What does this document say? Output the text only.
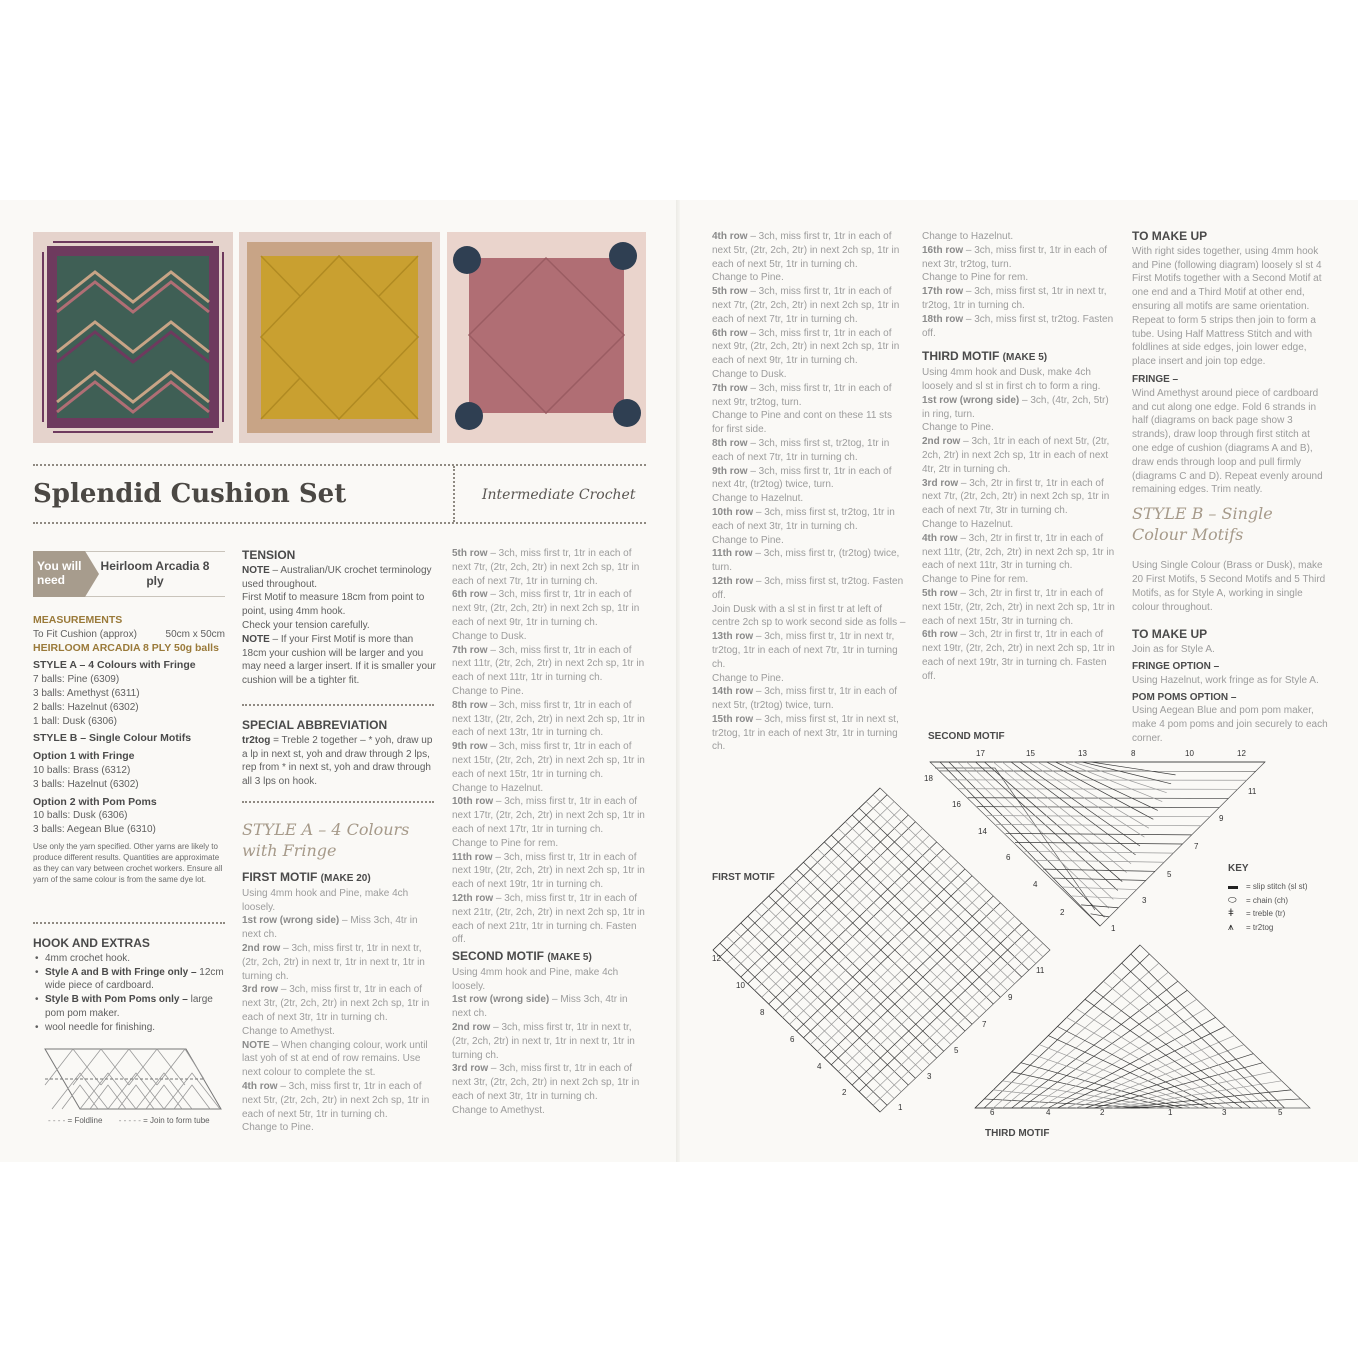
Splendid Cushion Set	Intermediate Crochet
You will need
Heirloom Arcadia 8 ply
MEASUREMENTS
To Fit Cushion (approx)	50cm x 50cm
HEIRLOOM ARCADIA 8 PLY 50g balls
STYLE A – 4 Colours with Fringe
7 balls: Pine (6309)
3 balls: Amethyst (6311)
2 balls: Hazelnut (6302)
1 ball: Dusk (6306)
STYLE B – Single Colour Motifs
Option 1 with Fringe
10 balls: Brass (6312)
3 balls: Hazelnut (6302)
Option 2 with Pom Poms
10 balls: Dusk (6306)
3 balls: Aegean Blue (6310)
Use only the yarn specified. Other yarns are likely to produce different results. Quantities are approximate as they can vary between crochet workers. Ensure all yarn of the same colour is from the same dye lot.
HOOK AND EXTRAS
• 4mm crochet hook.
• Style A and B with Fringe only – 12cm wide piece of cardboard.
• Style B with Pom Poms only – large pom pom maker.
• wool needle for finishing.
- - - - = Foldline - - - - - = Join to form tube
TENSION
NOTE – Australian/UK crochet terminology used throughout.
First Motif to measure 18cm from point to point, using 4mm hook.
Check your tension carefully.
NOTE – If your First Motif is more than 18cm your cushion will be larger and you may need a larger insert. If it is smaller your cushion will be a tighter fit.
SPECIAL ABBREVIATION
tr2tog = Treble 2 together – * yoh, draw up a lp in next st, yoh and draw through 2 lps, rep from * in next st, yoh and draw through all 3 lps on hook.
STYLE A – 4 Colours with Fringe
FIRST MOTIF (MAKE 20)
Using 4mm hook and Pine, make 4ch loosely.
1st row (wrong side) – Miss 3ch, 4tr in next ch.
2nd row – 3ch, miss first tr, 1tr in next tr, (2tr, 2ch, 2tr) in next tr, 1tr in next tr, 1tr in turning ch.
3rd row – 3ch, miss first tr, 1tr in each of next 3tr, (2tr, 2ch, 2tr) in next 2ch sp, 1tr in each of next 3tr, 1tr in turning ch.
Change to Amethyst.
NOTE – When changing colour, work until last yoh of st at end of row remains. Use next colour to complete the st.
4th row – 3ch, miss first tr, 1tr in each of next 5tr, (2tr, 2ch, 2tr) in next 2ch sp, 1tr in each of next 5tr, 1tr in turning ch.
Change to Pine.
5th row – 3ch, miss first tr, 1tr in each of next 7tr, (2tr, 2ch, 2tr) in next 2ch sp, 1tr in each of next 7tr, 1tr in turning ch.
6th row – 3ch, miss first tr, 1tr in each of next 9tr, (2tr, 2ch, 2tr) in next 2ch sp, 1tr in each of next 9tr, 1tr in turning ch.
Change to Dusk.
7th row – 3ch, miss first tr, 1tr in each of next 11tr, (2tr, 2ch, 2tr) in next 2ch sp, 1tr in each of next 11tr, 1tr in turning ch.
Change to Pine.
8th row – 3ch, miss first tr, 1tr in each of next 13tr, (2tr, 2ch, 2tr) in next 2ch sp, 1tr in each of next 13tr, 1tr in turning ch.
9th row – 3ch, miss first tr, 1tr in each of next 15tr, (2tr, 2ch, 2tr) in next 2ch sp, 1tr in each of next 15tr, 1tr in turning ch.
Change to Hazelnut.
10th row – 3ch, miss first tr, 1tr in each of next 17tr, (2tr, 2ch, 2tr) in next 2ch sp, 1tr in each of next 17tr, 1tr in turning ch.
Change to Pine for rem.
11th row – 3ch, miss first tr, 1tr in each of next 19tr, (2tr, 2ch, 2tr) in next 2ch sp, 1tr in each of next 19tr, 1tr in turning ch.
12th row – 3ch, miss first tr, 1tr in each of next 21tr, (2tr, 2ch, 2tr) in next 2ch sp, 1tr in each of next 21tr, 1tr in turning ch. Fasten off.
SECOND MOTIF (MAKE 5)
Using 4mm hook and Pine, make 4ch loosely.
1st row (wrong side) – Miss 3ch, 4tr in next ch.
2nd row – 3ch, miss first tr, 1tr in next tr, (2tr, 2ch, 2tr) in next tr, 1tr in next tr, 1tr in turning ch.
3rd row – 3ch, miss first tr, 1tr in each of next 3tr, (2tr, 2ch, 2tr) in next 2ch sp, 1tr in each of next 3tr, 1tr in turning ch.
Change to Amethyst.
4th row – 3ch, miss first tr, 1tr in each of next 5tr, (2tr, 2ch, 2tr) in next 2ch sp, 1tr in each of next 5tr, 1tr in turning ch.
Change to Pine.
5th row – 3ch, miss first tr, 1tr in each of next 7tr, (2tr, 2ch, 2tr) in next 2ch sp, 1tr in each of next 7tr, 1tr in turning ch.
6th row – 3ch, miss first tr, 1tr in each of next 9tr, (2tr, 2ch, 2tr) in next 2ch sp, 1tr in each of next 9tr, 1tr in turning ch.
Change to Dusk.
7th row – 3ch, miss first tr, 1tr in each of next 9tr, tr2tog, turn.
Change to Pine and cont on these 11 sts for first side.
8th row – 3ch, miss first st, tr2tog, 1tr in each of next 7tr, 1tr in turning ch.
9th row – 3ch, miss first tr, 1tr in each of next 4tr, (tr2tog) twice, turn.
Change to Hazelnut.
10th row – 3ch, miss first st, tr2tog, 1tr in each of next 3tr, 1tr in turning ch.
Change to Pine.
11th row – 3ch, miss first tr, (tr2tog) twice, turn.
12th row – 3ch, miss first st, tr2tog. Fasten off.
Join Dusk with a sl st in first tr at left of centre 2ch sp to work second side as folls –
13th row – 3ch, miss first tr, 1tr in next tr, tr2tog, 1tr in each of next 7tr, 1tr in turning ch.
Change to Pine.
14th row – 3ch, miss first tr, 1tr in each of next 5tr, (tr2tog) twice, turn.
15th row – 3ch, miss first st, 1tr in next st, tr2tog, 1tr in each of next 3tr, 1tr in turning ch.
Change to Hazelnut.
16th row – 3ch, miss first tr, 1tr in each of next 3tr, tr2tog, turn.
Change to Pine for rem.
17th row – 3ch, miss first st, 1tr in next tr, tr2tog, 1tr in turning ch.
18th row – 3ch, miss first st, tr2tog. Fasten off.
THIRD MOTIF (MAKE 5)
Using 4mm hook and Dusk, make 4ch loosely and sl st in first ch to form a ring.
1st row (wrong side) – 3ch, (4tr, 2ch, 5tr) in ring, turn.
Change to Pine.
2nd row – 3ch, 1tr in each of next 5tr, (2tr, 2ch, 2tr) in next 2ch sp, 1tr in each of next 4tr, 2tr in turning ch.
3rd row – 3ch, 2tr in first tr, 1tr in each of next 7tr, (2tr, 2ch, 2tr) in next 2ch sp, 1tr in each of next 7tr, 3tr in turning ch.
Change to Hazelnut.
4th row – 3ch, 2tr in first tr, 1tr in each of next 11tr, (2tr, 2ch, 2tr) in next 2ch sp, 1tr in each of next 11tr, 3tr in turning ch.
Change to Pine for rem.
5th row – 3ch, 2tr in first tr, 1tr in each of next 15tr, (2tr, 2ch, 2tr) in next 2ch sp, 1tr in each of next 15tr, 3tr in turning ch.
6th row – 3ch, 2tr in first tr, 1tr in each of next 19tr, (2tr, 2ch, 2tr) in next 2ch sp, 1tr in each of next 19tr, 3tr in turning ch. Fasten off.
TO MAKE UP
With right sides together, using 4mm hook and Pine (following diagram) loosely sl st 4 First Motifs together with a Second Motif at one end and a Third Motif at other end, ensuring all motifs are same orientation. Repeat to form 5 strips then join to form a tube. Using Half Mattress Stitch and with foldlines at side edges, join lower edge, place insert and join top edge.
FRINGE –
Wind Amethyst around piece of cardboard and cut along one edge. Fold 6 strands in half (diagrams on back page show 3 strands), draw loop through first stitch at one edge of cushion (diagrams A and B), draw ends through loop and pull firmly (diagrams C and D). Repeat evenly around remaining edges. Trim neatly.
STYLE B – Single Colour Motifs
Using Single Colour (Brass or Dusk), make 20 First Motifs, 5 Second Motifs and 5 Third Motifs, as for Style A, working in single colour throughout.
TO MAKE UP
Join as for Style A.
FRINGE OPTION –
Using Hazelnut, work fringe as for Style A.
POM POMS OPTION –
Using Aegean Blue and pom pom maker, make 4 pom poms and join securely to each corner.
SECOND MOTIF
FIRST MOTIF
THIRD MOTIF
12
10
8
6
4
2
1
3
5
7
9
11
17	15	13	8	10	12
18
16
14
6
4
2
1
3
5
7
9
11
6	4	2	1	3	5
KEY
▬ = slip stitch (sl st)
⬭ = chain (ch)
ǂ = treble (tr)
⩚ = tr2tog
